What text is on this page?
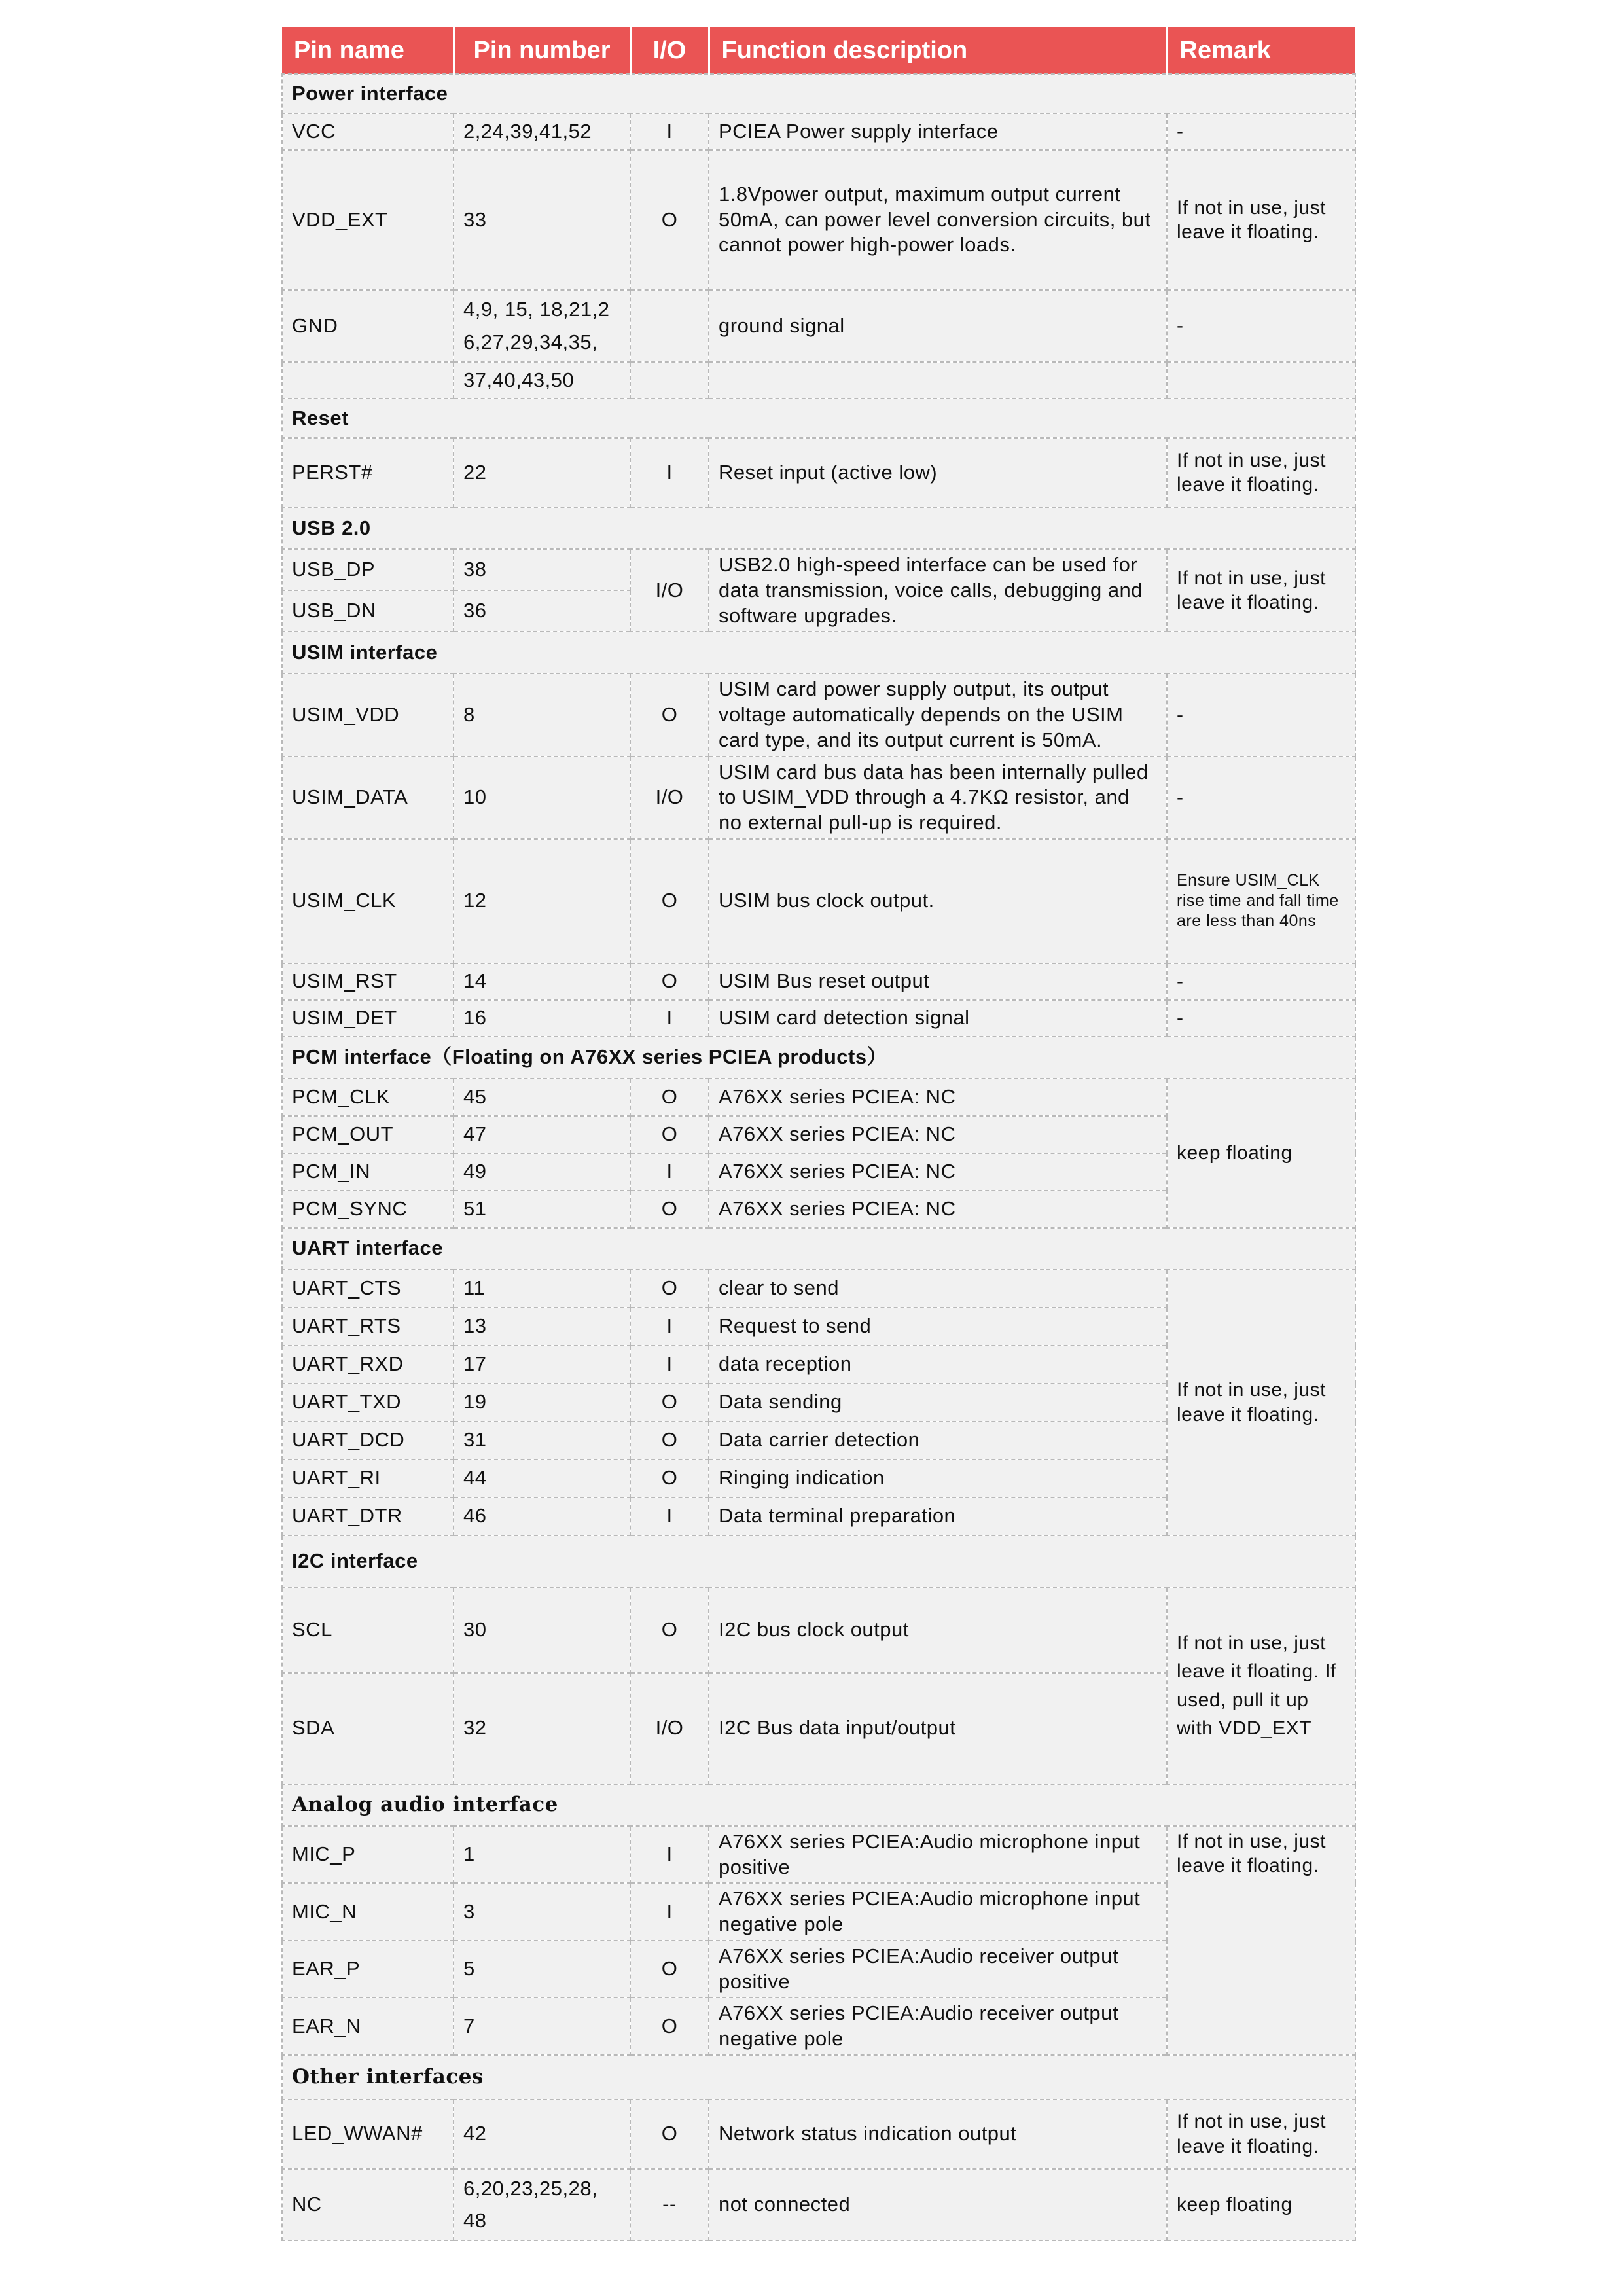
Pin name	Pin number	I/O	Function description	Remark
Power interface				
VCC	2,24,39,41,52	I	PCIEA Power supply interface	-
VDD_EXT	33	O	1.8Vpower output, maximum output current 50mA, can power level conversion circuits, but cannot power high-power loads.	If not in use, just leave it floating.
GND	4,9, 15, 18,21,2 6,27,29,34,35,		ground signal	-
	37,40,43,50			
Reset				
PERST#	22	I	Reset input (active low)	If not in use, just leave it floating.
USB 2.0				
USB_DP	38	I/O	USB2.0 high-speed interface can be used for data transmission, voice calls, debugging and software upgrades.	If not in use, just leave it floating.
USB_DN	36			
USIM interface				
USIM_VDD	8	O	USIM card power supply output, its output voltage automatically depends on the USIM card type, and its output current is 50mA.	-
USIM_DATA	10	I/O	USIM card bus data has been internally pulled to USIM_VDD through a 4.7KΩ resistor, and no external pull-up is required.	-
USIM_CLK	12	O	USIM bus clock output.	Ensure USIM_CLK rise time and fall time are less than 40ns
USIM_RST	14	O	USIM Bus reset output	-
USIM_DET	16	I	USIM card detection signal	-
PCM interface（Floating on A76XX series PCIEA products）				
PCM_CLK	45	O	A76XX series PCIEA: NC	keep floating
PCM_OUT	47	O	A76XX series PCIEA: NC	
PCM_IN	49	I	A76XX series PCIEA: NC	
PCM_SYNC	51	O	A76XX series PCIEA: NC	
UART interface				
UART_CTS	11	O	clear to send	If not in use, just leave it floating.
UART_RTS	13	I	Request to send	
UART_RXD	17	I	data reception	
UART_TXD	19	O	Data sending	
UART_DCD	31	O	Data carrier detection	
UART_RI	44	O	Ringing indication	
UART_DTR	46	I	Data terminal preparation	
I2C interface				
SCL	30	O	I2C bus clock output	If not in use, just leave it floating. If used, pull it up with VDD_EXT
SDA	32	I/O	I2C Bus data input/output	
Analog audio interface				
MIC_P	1	I	A76XX series PCIEA:Audio microphone input positive	If not in use, just leave it floating.
MIC_N	3	I	A76XX series PCIEA:Audio microphone input negative pole	
EAR_P	5	O	A76XX series PCIEA:Audio receiver output positive	
EAR_N	7	O	A76XX series PCIEA:Audio receiver output negative pole	
Other interfaces				
LED_WWAN#	42	O	Network status indication output	If not in use, just leave it floating.
NC	6,20,23,25,28, 48	--	not connected	keep floating
